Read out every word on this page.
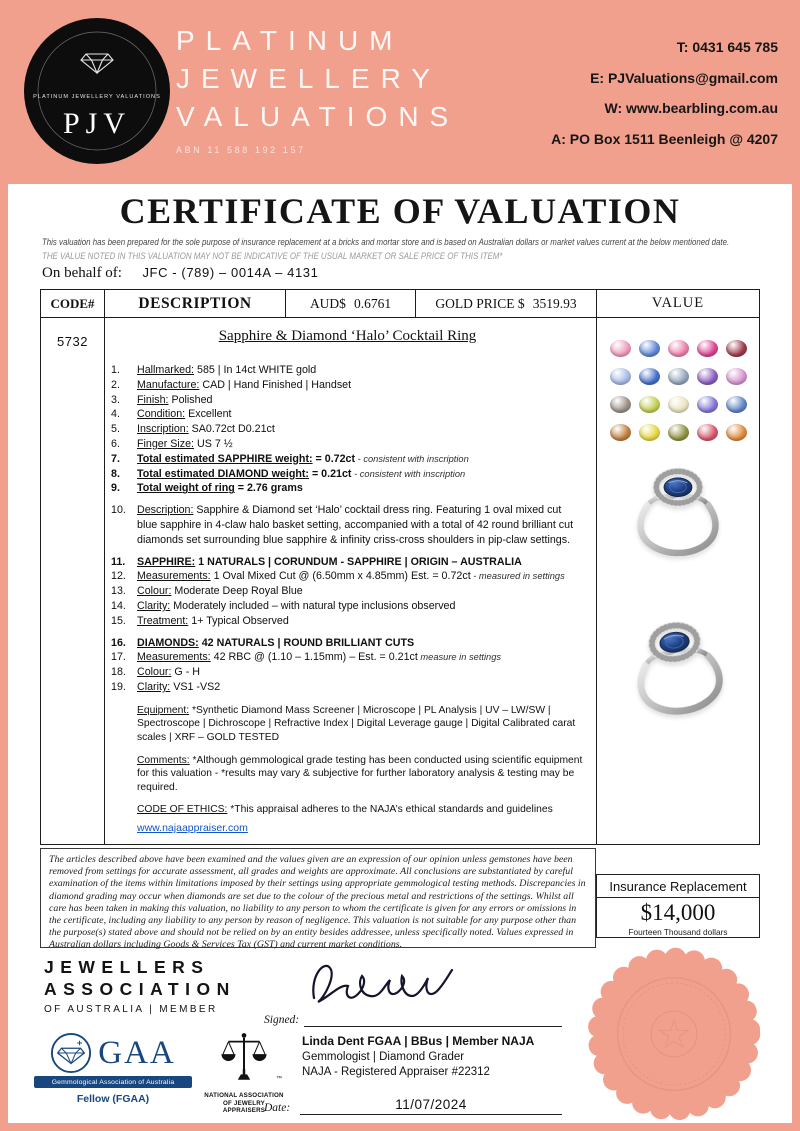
PLATINUM JEWELLERY VALUATIONS
PJV
PLATINUM
JEWELLERY
VALUATIONS
ABN 11 588 192 157
T: 0431 645 785
E: PJValuations@gmail.com
W: www.bearbling.com.au
A: PO Box 1511 Beenleigh @ 4207
CERTIFICATE OF VALUATION

This valuation has been prepared for the sole purpose of insurance replacement at a bricks and mortar store and is based on Australian dollars or market values current at the below mentioned date.

THE VALUE NOTED IN THIS VALUATION MAY NOT BE INDICATIVE OF THE USUAL MARKET OR SALE PRICE OF THIS ITEM*

On behalf of: JFC - (789) – 0014A – 4131
CODE#	DESCRIPTION	AUD$ 0.6761	GOLD PRICE $ 3519.93	VALUE
5732	Sapphire & Diamond ‘Halo’ Cocktail Ring
1.	Hallmarked: 585 | In 14ct WHITE gold
2.	Manufacture: CAD | Hand Finished | Handset
3.	Finish: Polished
4.	Condition: Excellent
5.	Inscription: SA0.72ct D0.21ct
6.	Finger Size: US 7 ½
7.	Total estimated SAPPHIRE weight: = 0.72ct - consistent with inscription
8.	Total estimated DIAMOND weight: = 0.21ct - consistent with inscription
9.	Total weight of ring = 2.76 grams
10.	Description: Sapphire & Diamond set ‘Halo’ cocktail dress ring. Featuring 1 oval mixed cut blue sapphire in 4-claw halo basket setting, accompanied with a total of 42 round brilliant cut diamonds set surrounding blue sapphire & infinity criss-cross shoulders in pip-claw settings.
11.	SAPPHIRE: 1 NATURALS | CORUNDUM - SAPPHIRE | ORIGIN – AUSTRALIA
12.	Measurements: 1 Oval Mixed Cut @ (6.50mm x 4.85mm) Est. = 0.72ct - measured in settings
13.	Colour: Moderate Deep Royal Blue
14.	Clarity: Moderately included – with natural type inclusions observed
15.	Treatment: 1+ Typical Observed
16.	DIAMONDS: 42 NATURALS | ROUND BRILLIANT CUTS
17.	Measurements: 42 RBC @ (1.10 – 1.15mm) – Est. = 0.21ct measure in settings
18.	Colour: G - H
19.	Clarity: VS1 -VS2

Equipment: *Synthetic Diamond Mass Screener | Microscope | PL Analysis | UV – LW/SW | Spectroscope | Dichroscope | Refractive Index | Digital Leverage gauge | Digital Calibrated carat scales | XRF – GOLD TESTED

Comments: *Although gemmological grade testing has been conducted using scientific equipment for this valuation - *results may vary & subjective for further laboratory analysis & testing may be required.

CODE OF ETHICS: *This appraisal adheres to the NAJA’s ethical standards and guidelines

www.najaappraiser.com
The articles described above have been examined and the values given are an expression of our opinion unless gemstones have been removed from settings for accurate assessment, all grades and weights are approximate. All conclusions are substantiated by careful examination of the items within limitations imposed by their settings using appropriate gemmological testing methods. Discrepancies in diamond grading may occur when diamonds are set due to the colour of the precious metal and restrictions of the settings. Whilst all care has been taken in making this valuation, no liability to any person to whom the certificate is given for any errors or omissions in the certificate, including any liability to any person by reason of negligence. This valuation is not suitable for any purpose other than the purpose(s) stated above and should not be relied on by an entity besides addressee, unless specifically noted. Values expressed in Australian dollars including Goods & Services Tax (GST) and current market conditions.
Insurance Replacement
$14,000
Fourteen Thousand dollars
JEWELLERS
ASSOCIATION
OF AUSTRALIA | MEMBER
Signed:
Linda Dent FGAA | BBus | Member NAJA
Gemmologist | Diamond Grader
NAJA - Registered Appraiser #22312
GAA
Gemmological Association of Australia
Fellow (FGAA)
™
NATIONAL ASSOCIATION OF JEWELRY APPRAISERS
Date:	11/07/2024
